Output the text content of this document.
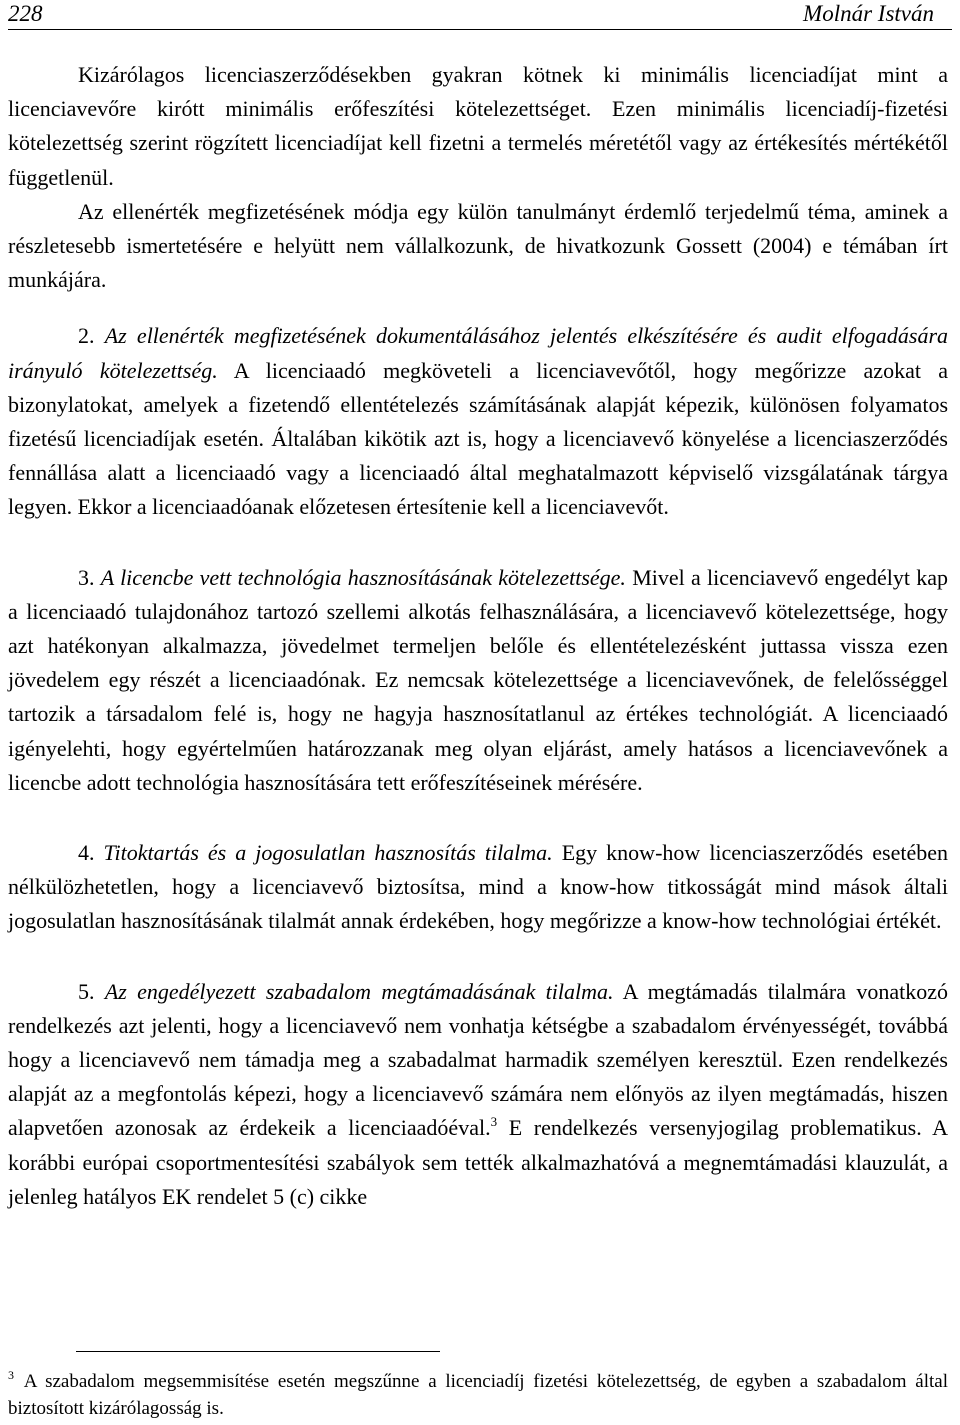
228	Molnár István

Kizárólagos licenciaszerződésekben gyakran kötnek ki minimális licenciadíjat mint a licenciavevőre kirótt minimális erőfeszítési kötelezettséget. Ezen minimális licenciadíj-fizetési kötelezettség szerint rögzített licenciadíjat kell fizetni a termelés méretétől vagy az értékesítés mértékétől függetlenül.

Az ellenérték megfizetésének módja egy külön tanulmányt érdemlő terjedelmű téma, aminek a részletesebb ismertetésére e helyütt nem vállalkozunk, de hivatkozunk Gossett (2004) e témában írt munkájára.

2. Az ellenérték megfizetésének dokumentálásához jelentés elkészítésére és audit elfogadására irányuló kötelezettség. A licenciaadó megköveteli a licenciavevőtől, hogy megőrizze azokat a bizonylatokat, amelyek a fizetendő ellentételezés számításának alapját képezik, különösen folyamatos fizetésű licenciadíjak esetén. Általában kikötik azt is, hogy a licenciavevő könyelése a licenciaszerződés fennállása alatt a licenciaadó vagy a licenciaadó által meghatalmazott képviselő vizsgálatának tárgya legyen. Ekkor a licenciaadóanak előzetesen értesítenie kell a licenciavevőt.

3. A licencbe vett technológia hasznosításának kötelezettsége. Mivel a licenciavevő engedélyt kap a licenciaadó tulajdonához tartozó szellemi alkotás felhasználására, a licenciavevő kötelezettsége, hogy azt hatékonyan alkalmazza, jövedelmet termeljen belőle és ellentételezésként juttassa vissza ezen jövedelem egy részét a licenciaadónak. Ez nemcsak kötelezettsége a licenciavevőnek, de felelősséggel tartozik a társadalom felé is, hogy ne hagyja hasznosítatlanul az értékes technológiát. A licenciaadó igényelehti, hogy egyértelműen határozzanak meg olyan eljárást, amely hatásos a licenciavevőnek a licencbe adott technológia hasznosítására tett erőfeszítéseinek mérésére.

4. Titoktartás és a jogosulatlan hasznosítás tilalma. Egy know-how licenciaszerződés esetében nélkülözhetetlen, hogy a licenciavevő biztosítsa, mind a know-how titkosságát mind mások általi jogosulatlan hasznosításának tilalmát annak érdekében, hogy megőrizze a know-how technológiai értékét.

5. Az engedélyezett szabadalom megtámadásának tilalma. A megtámadás tilalmára vonatkozó rendelkezés azt jelenti, hogy a licenciavevő nem vonhatja kétségbe a szabadalom érvényességét, továbbá hogy a licenciavevő nem támadja meg a szabadalmat harmadik személyen keresztül. Ezen rendelkezés alapját az a megfontolás képezi, hogy a licenciavevő számára nem előnyös az ilyen megtámadás, hiszen alapvetően azonosak az érdekeik a licenciaadóéval.$^3$ E rendelkezés versenyjogilag problematikus. A korábbi európai csoportmentesítési szabályok sem tették alkalmazhatóvá a megnemtámadási klauzulát, a jelenleg hatályos EK rendelet 5 (c) cikke

$^3$ A szabadalom megsemmisítése esetén megszűnne a licenciadíj fizetési kötelezettség, de egyben a szabadalom által biztosított kizárólagosság is.
